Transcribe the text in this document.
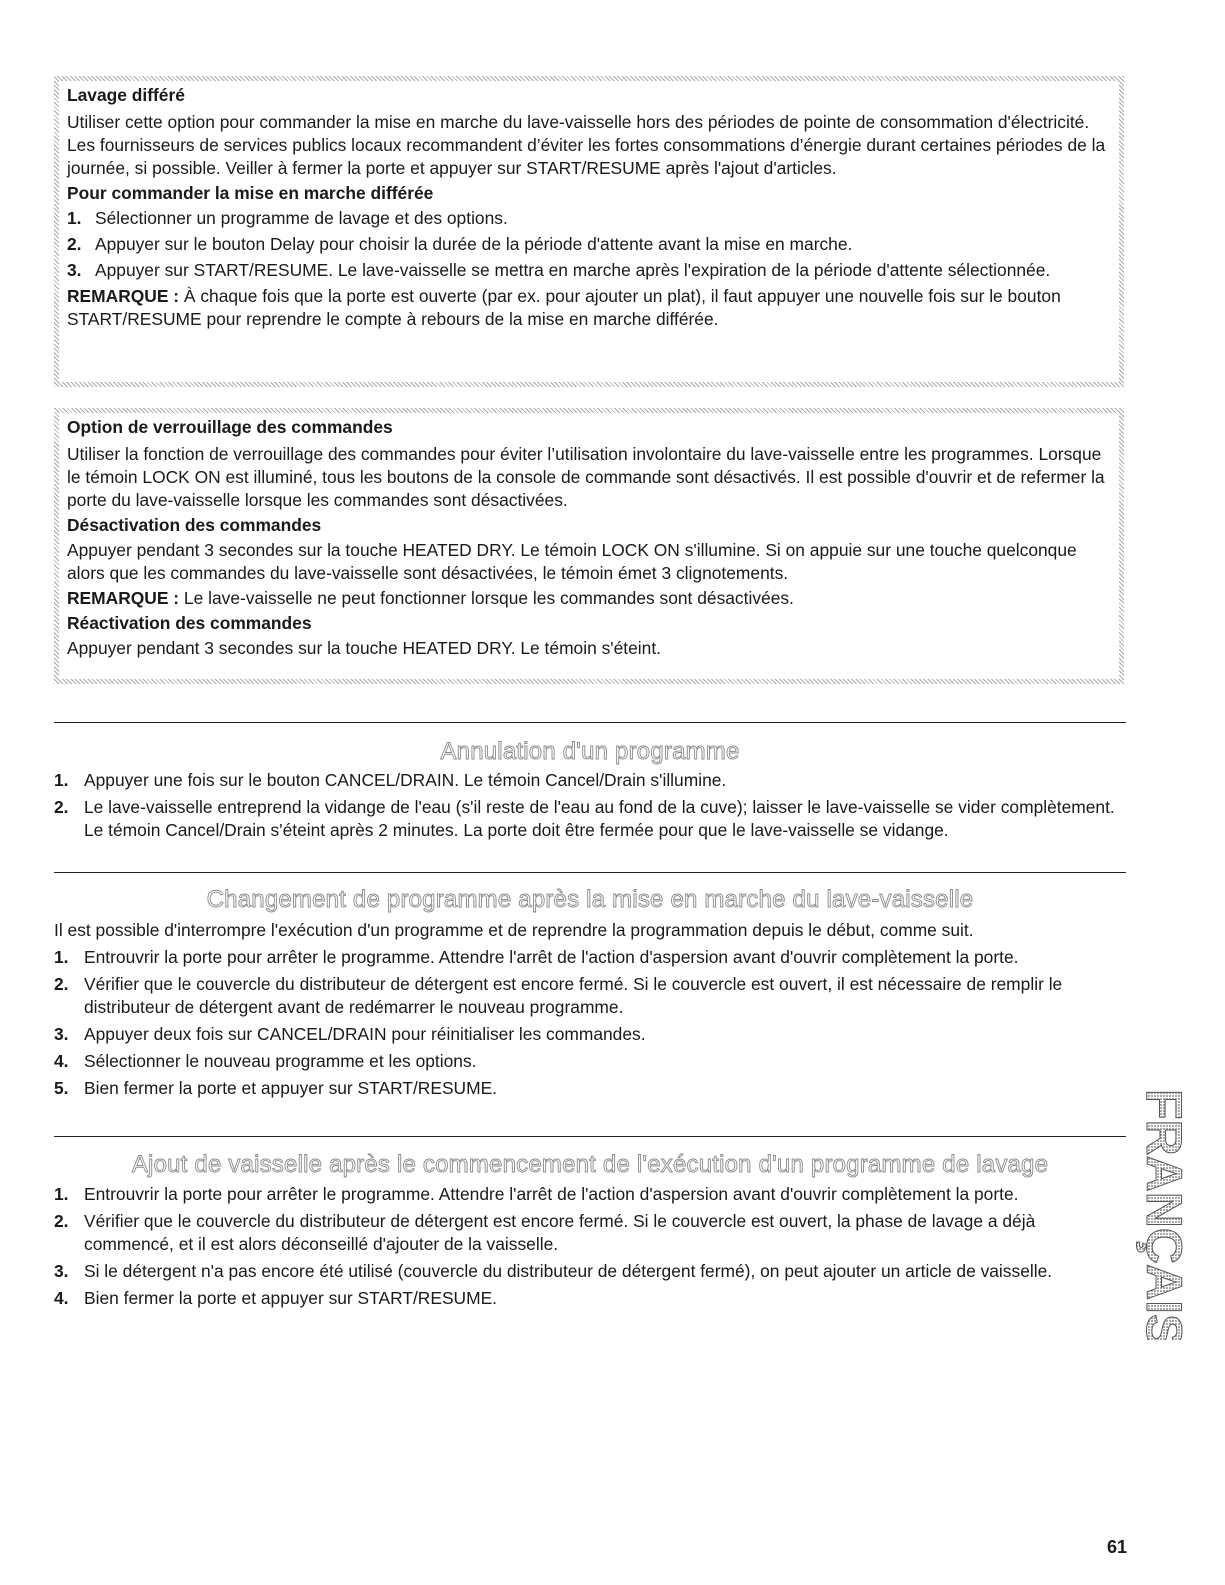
Lavage différé

Utiliser cette option pour commander la mise en marche du lave-vaisselle hors des périodes de pointe de consommation d'électricité. Les fournisseurs de services publics locaux recommandent d’éviter les fortes consommations d’énergie durant certaines périodes de la journée, si possible. Veiller à fermer la porte et appuyer sur START/RESUME après l'ajout d'articles.

Pour commander la mise en marche différée
1. Sélectionner un programme de lavage et des options.
2. Appuyer sur le bouton Delay pour choisir la durée de la période d'attente avant la mise en marche.
3. Appuyer sur START/RESUME. Le lave-vaisselle se mettra en marche après l'expiration de la période d'attente sélectionnée.

REMARQUE : À chaque fois que la porte est ouverte (par ex. pour ajouter un plat), il faut appuyer une nouvelle fois sur le bouton START/RESUME pour reprendre le compte à rebours de la mise en marche différée.

Option de verrouillage des commandes

Utiliser la fonction de verrouillage des commandes pour éviter l’utilisation involontaire du lave-vaisselle entre les programmes. Lorsque le témoin LOCK ON est illuminé, tous les boutons de la console de commande sont désactivés. Il est possible d'ouvrir et de refermer la porte du lave-vaisselle lorsque les commandes sont désactivées.

Désactivation des commandes

Appuyer pendant 3 secondes sur la touche HEATED DRY. Le témoin LOCK ON s'illumine. Si on appuie sur une touche quelconque alors que les commandes du lave-vaisselle sont désactivées, le témoin émet 3 clignotements.

REMARQUE : Le lave-vaisselle ne peut fonctionner lorsque les commandes sont désactivées.

Réactivation des commandes

Appuyer pendant 3 secondes sur la touche HEATED DRY. Le témoin s'éteint.

Annulation d'un programme
1. Appuyer une fois sur le bouton CANCEL/DRAIN. Le témoin Cancel/Drain s'illumine.
2. Le lave-vaisselle entreprend la vidange de l'eau (s'il reste de l'eau au fond de la cuve); laisser le lave-vaisselle se vider complètement. Le témoin Cancel/Drain s'éteint après 2 minutes. La porte doit être fermée pour que le lave-vaisselle se vidange.
Changement de programme après la mise en marche du lave-vaisselle

Il est possible d'interrompre l'exécution d'un programme et de reprendre la programmation depuis le début, comme suit.

1. Entrouvrir la porte pour arrêter le programme. Attendre l'arrêt de l'action d'aspersion avant d'ouvrir complètement la porte.
2. Vérifier que le couvercle du distributeur de détergent est encore fermé. Si le couvercle est ouvert, il est nécessaire de remplir le distributeur de détergent avant de redémarrer le nouveau programme.
3. Appuyer deux fois sur CANCEL/DRAIN pour réinitialiser les commandes.
4. Sélectionner le nouveau programme et les options.
5. Bien fermer la porte et appuyer sur START/RESUME.
Ajout de vaisselle après le commencement de l'exécution d'un programme de lavage
1. Entrouvrir la porte pour arrêter le programme. Attendre l'arrêt de l'action d'aspersion avant d'ouvrir complètement la porte.
2. Vérifier que le couvercle du distributeur de détergent est encore fermé. Si le couvercle est ouvert, la phase de lavage a déjà commencé, et il est alors déconseillé d'ajouter de la vaisselle.
3. Si le détergent n'a pas encore été utilisé (couvercle du distributeur de détergent fermé), on peut ajouter un article de vaisselle.
4. Bien fermer la porte et appuyer sur START/RESUME.	FRANÇAIS
61
